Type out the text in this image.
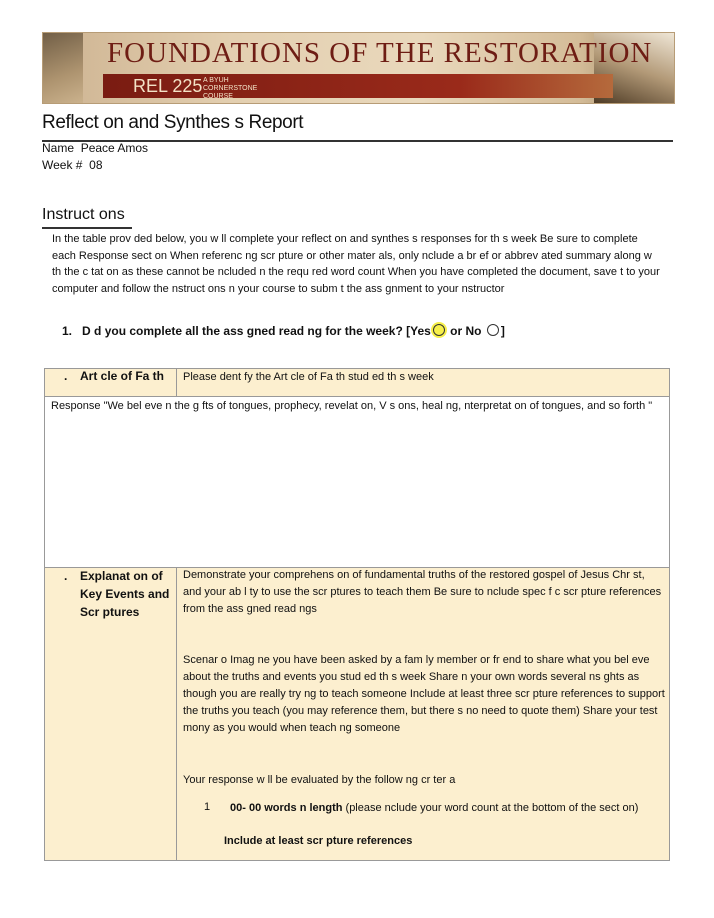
FOUNDATIONS OF THE RESTORATION
REL 225 A BYUH CORNERSTONE COURSE
Reflect on and Synthes s Report
Name Peace Amos
Week # 08
Instruct ons
In the table prov ded below, you w ll complete your reflect on and synthes s responses for th s week Be sure to complete each Response sect on When referenc ng scr pture or other mater als, only nclude a br ef or abbrev ated summary along w th the c tat on as these cannot be ncluded n the requ red word count When you have completed the document, save t to your computer and follow the nstruct ons n your course to subm t the ass gnment to your nstructor
1. D d you complete all the ass gned read ng for the week? [Yes or No ]
. Art cle of Fa th Please dent fy the Art cle of Fa th stud ed th s week
Response "We bel eve n the g fts of tongues, prophecy, revelat on, V s ons, heal ng, nterpretat on of tongues, and so forth "
. Explanat on of Key Events and Scr ptures
Demonstrate your comprehens on of fundamental truths of the restored gospel of Jesus Chr st, and your ab l ty to use the scr ptures to teach them Be sure to nclude spec f c scr pture references from the ass gned read ngs
Scenar o Imag ne you have been asked by a fam ly member or fr end to share what you bel eve about the truths and events you stud ed th s week Share n your own words several ns ghts as though you are really try ng to teach someone Include at least three scr pture references to support the truths you teach (you may reference them, but there s no need to quote them) Share your test mony as you would when teach ng someone
Your response w ll be evaluated by the follow ng cr ter a
1	00- 00 words n length (please nclude your word count at the bottom of the sect on)
Include at least scr pture references
